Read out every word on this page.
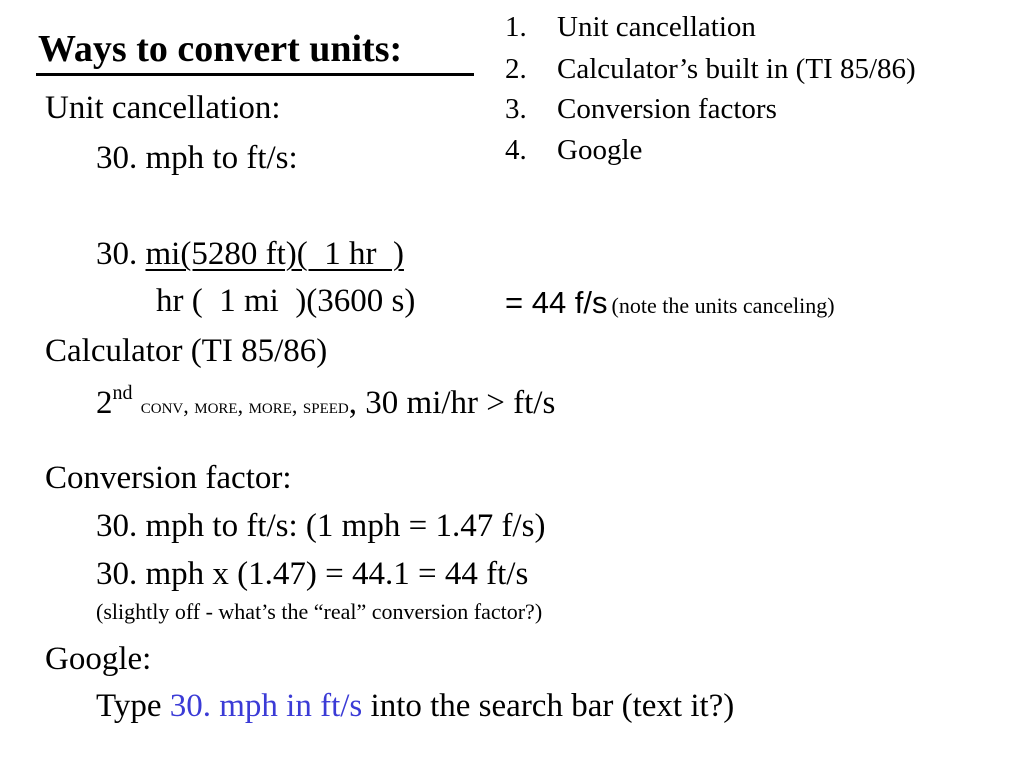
Ways to convert units:
1. Unit cancellation
2. Calculator’s built in (TI 85/86)
3. Conversion factors
4. Google
Unit cancellation:
30. mph to ft/s:
30. mi(5280 ft)(  1 hr  )
hr (  1 mi  )(3600 s)	= 44 f/s (note the units canceling)
Calculator (TI 85/86)
2nd conv, more, more, speed, 30 mi/hr > ft/s
Conversion factor:
30. mph to ft/s: (1 mph = 1.47 f/s)
30. mph x (1.47) = 44.1 = 44 ft/s
(slightly off - what’s the “real” conversion factor?)
Google:
Type 30. mph in ft/s into the search bar (text it?)
